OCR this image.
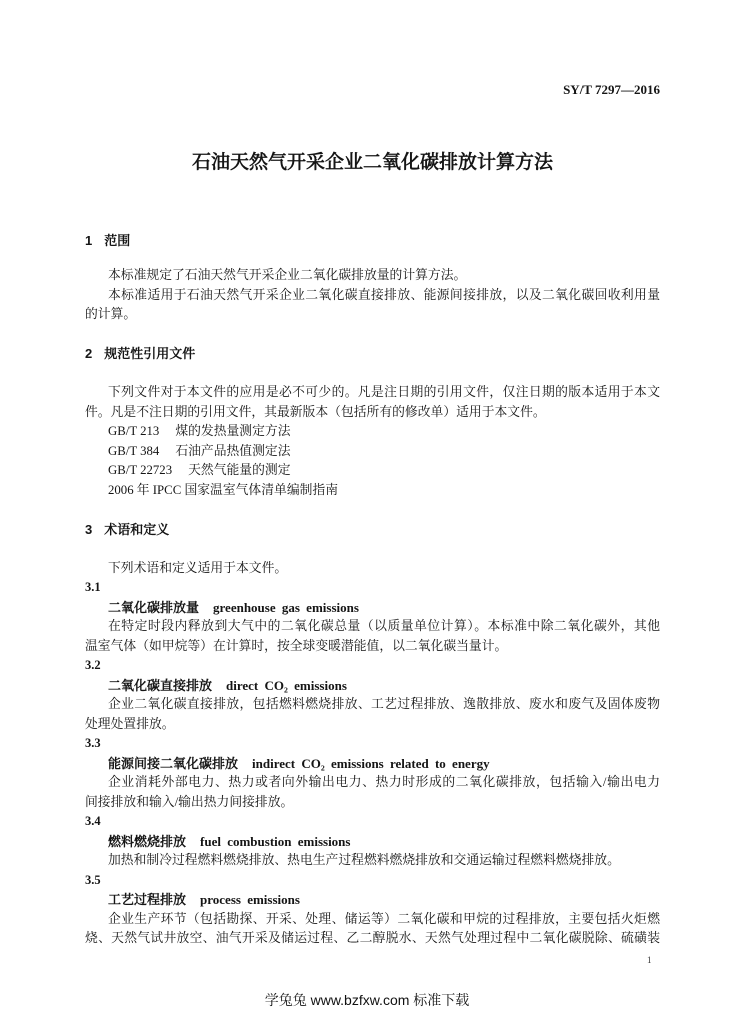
SY/T 7297—2016
石油天然气开采企业二氧化碳排放计算方法
1 范围
本标准规定了石油天然气开采企业二氧化碳排放量的计算方法。
本标准适用于石油天然气开采企业二氧化碳直接排放、能源间接排放，以及二氧化碳回收利用量
的计算。
2 规范性引用文件
下列文件对于本文件的应用是必不可少的。凡是注日期的引用文件，仅注日期的版本适用于本文
件。凡是不注日期的引用文件，其最新版本（包括所有的修改单）适用于本文件。
GB/T 213 煤的发热量测定方法
GB/T 384 石油产品热值测定法
GB/T 22723 天然气能量的测定
2006 年 IPCC 国家温室气体清单编制指南
3 术语和定义
下列术语和定义适用于本文件。
3.1
二氧化碳排放量 greenhouse gas emissions
在特定时段内释放到大气中的二氧化碳总量（以质量单位计算）。本标准中除二氧化碳外，其他
温室气体（如甲烷等）在计算时，按全球变暖潜能值，以二氧化碳当量计。
3.2
二氧化碳直接排放 direct CO₂ emissions
企业二氧化碳直接排放，包括燃料燃烧排放、工艺过程排放、逸散排放、废水和废气及固体废物
处理处置排放。
3.3
能源间接二氧化碳排放 indirect CO₂ emissions related to energy
企业消耗外部电力、热力或者向外输出电力、热力时形成的二氧化碳排放，包括输入/输出电力
间接排放和输入/输出热力间接排放。
3.4
燃料燃烧排放 fuel combustion emissions
加热和制冷过程燃料燃烧排放、热电生产过程燃料燃烧排放和交通运输过程燃料燃烧排放。
3.5
工艺过程排放 process emissions
企业生产环节（包括勘探、开采、处理、储运等）二氧化碳和甲烷的过程排放，主要包括火炬燃
烧、天然气试井放空、油气开采及储运过程、乙二醇脱水、天然气处理过程中二氧化碳脱除、硫磺装
1
学兔兔 www.bzfxw.com 标准下载
